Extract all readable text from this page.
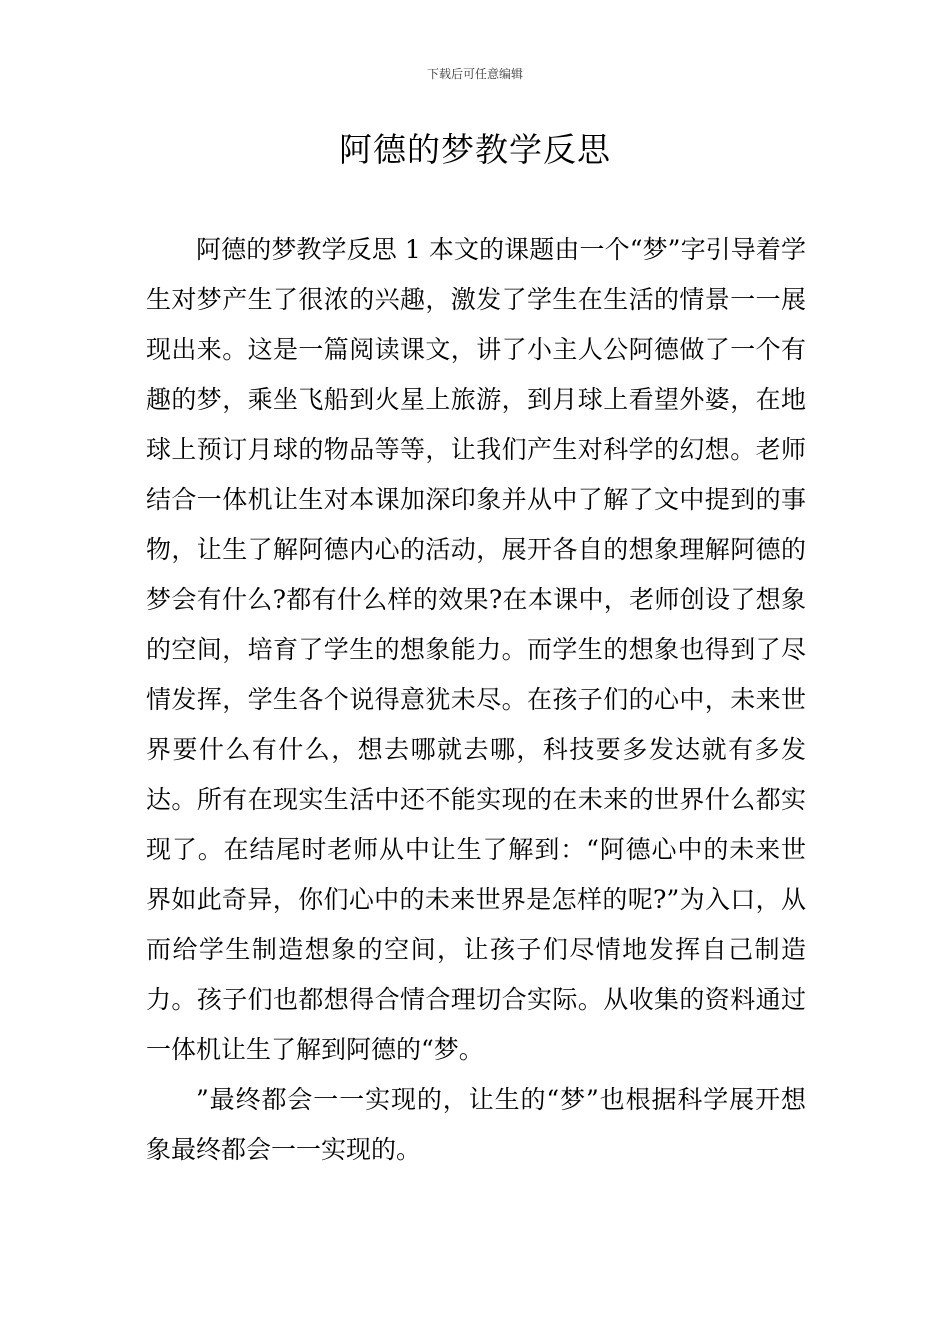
下载后可任意编辑
阿德的梦教学反思

阿德的梦教学反思 1 本文的课题由一个“梦”字引导着学生对梦产生了很浓的兴趣，激发了学生在生活的情景一一展现出来。这是一篇阅读课文，讲了小主人公阿德做了一个有趣的梦，乘坐飞船到火星上旅游，到月球上看望外婆，在地球上预订月球的物品等等，让我们产生对科学的幻想。老师结合一体机让生对本课加深印象并从中了解了文中提到的事物，让生了解阿德内心的活动，展开各自的想象理解阿德的梦会有什么?都有什么样的效果?在本课中，老师创设了想象的空间，培育了学生的想象能力。而学生的想象也得到了尽情发挥，学生各个说得意犹未尽。在孩子们的心中，未来世界要什么有什么，想去哪就去哪，科技要多发达就有多发达。所有在现实生活中还不能实现的在未来的世界什么都实现了。在结尾时老师从中让生了解到：“阿德心中的未来世界如此奇异，你们心中的未来世界是怎样的呢?”为入口，从而给学生制造想象的空间，让孩子们尽情地发挥自己制造力。孩子们也都想得合情合理切合实际。从收集的资料通过一体机让生了解到阿德的“梦。

”最终都会一一实现的，让生的“梦”也根据科学展开想象最终都会一一实现的。
